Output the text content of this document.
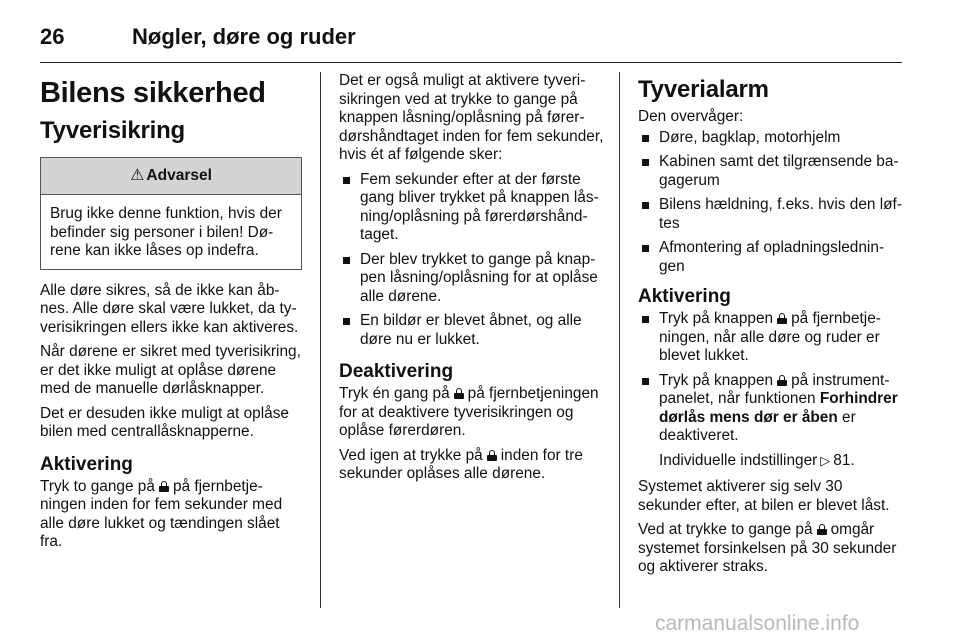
26	Nøgler, døre og ruder
Bilens sikkerhed
Tyverisikring
⚠ Advarsel
Brug ikke denne funktion, hvis der befinder sig personer i bilen! Dørene kan ikke låses op indefra.

Alle døre sikres, så de ikke kan åbnes. Alle døre skal være lukket, da tyverisikringen ellers ikke kan aktiveres.

Når dørene er sikret med tyverisikring, er det ikke muligt at oplåse dørene med de manuelle dørlåsknapper.

Det er desuden ikke muligt at oplåse bilen med centrallåsknapperne.

Aktivering

Tryk to gange på på fjernbetjeningen inden for fem sekunder med alle døre lukket og tændingen slået fra.

Det er også muligt at aktivere tyverisikringen ved at trykke to gange på knappen låsning/oplåsning på førerdørshåndtaget inden for fem sekunder, hvis ét af følgende sker:

Fem sekunder efter at der første gang bliver trykket på knappen låsning/oplåsning på førerdørshåndtaget.
Der blev trykket to gange på knappen låsning/oplåsning for at oplåse alle dørene.
En bildør er blevet åbnet, og alle døre nu er lukket.
Deaktivering

Tryk én gang på på fjernbetjeningen for at deaktivere tyverisikringen og oplåse førerdøren.

Ved igen at trykke på inden for tre sekunder oplåses alle dørene.

Tyverialarm

Den overvåger:

Døre, bagklap, motorhjelm
Kabinen samt det tilgrænsende bagagerum
Bilens hældning, f.eks. hvis den løftes
Afmontering af opladningsledningen
Aktivering
Tryk på knappen på fjernbetjeningen, når alle døre og ruder er blevet lukket.
Tryk på knappen på instrumentpanelet, når funktionen Forhindrer dørlås mens dør er åben er deaktiveret.
Individuelle indstillinger ▷ 81.

Systemet aktiverer sig selv 30 sekunder efter, at bilen er blevet låst.

Ved at trykke to gange på omgår systemet forsinkelsen på 30 sekunder og aktiverer straks.

carmanualsonline.info
